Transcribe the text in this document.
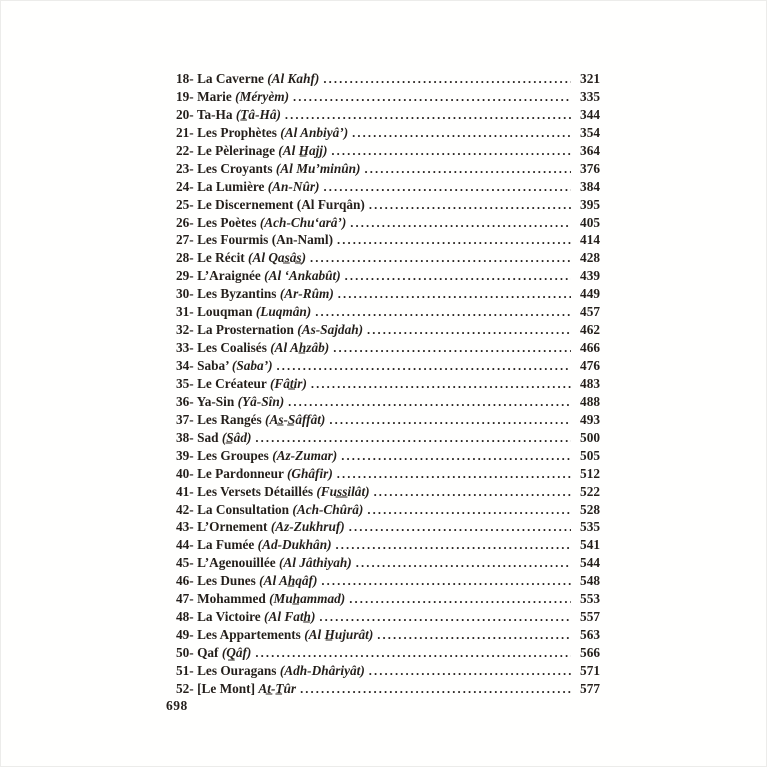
18- La Caverne (Al Kahf) .....	321
19- Marie (Méryèm) .....	335
20- Ta-Ha (T̲â-Hâ) .....	344
21- Les Prophètes (Al Anbiyâ’) .....	354
22- Le Pèlerinage (Al H̲ajj) .....	364
23- Les Croyants (Al Mu’minûn) .....	376
24- La Lumière (An-Nûr) .....	384
25- Le Discernement (Al Furqân) .....	395
26- Les Poètes (Ach-Chu‘arâ’) .....	405
27- Les Fourmis (An-Naml) .....	414
28- Le Récit (Al Qas̲âs̲) .....	428
29- L’Araignée (Al ‘Ankabût) .....	439
30- Les Byzantins (Ar-Rûm) .....	449
31- Louqman (Luqmân) .....	457
32- La Prosternation (As-Sajdah) .....	462
33- Les Coalisés (Al Ah̲zâb) .....	466
34- Saba’ (Saba’) .....	476
35- Le Créateur (Fât̲ir) .....	483
36- Ya-Sin (Yâ-Sîn) .....	488
37- Les Rangés (As̲-S̲âffât) .....	493
38- Sad (S̲âd) .....	500
39- Les Groupes (Az-Zumar) .....	505
40- Le Pardonneur (Ghâfir) .....	512
41- Les Versets Détaillés (Fus̲s̲ilât) .....	522
42- La Consultation (Ach-Chûrâ) .....	528
43- L’Ornement (Az-Zukhruf) .....	535
44- La Fumée (Ad-Dukhân) .....	541
45- L’Agenouillée (Al Jâthiyah) .....	544
46- Les Dunes (Al Ah̲qâf) .....	548
47- Mohammed (Muh̲ammad) .....	553
48- La Victoire (Al Fath̲) .....	557
49- Les Appartements (Al H̲ujurât) .....	563
50- Qaf (Q̲âf) .....	566
51- Les Ouragans (Adh-Dhâriyât) .....	571
52- [Le Mont] At̲-T̲ûr .....	577
698
